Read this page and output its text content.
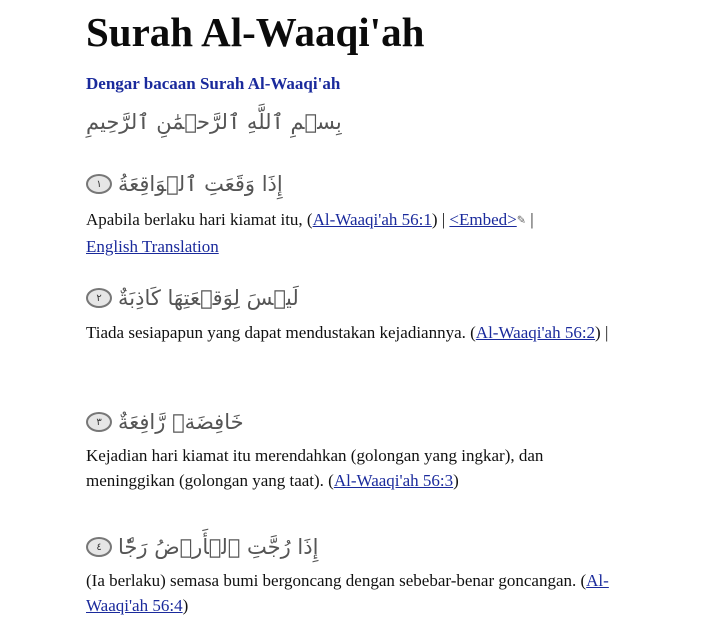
Surah Al-Waaqi'ah
Dengar bacaan Surah Al-Waaqi'ah
بِسۡمِ ٱللَّهِ ٱلرَّحۡمَٰنِ ٱلرَّحِيمِ
إِذَا وَقَعَتِ ٱلۡوَاقِعَةُ
١
Apabila berlaku hari kiamat itu, (Al-Waaqi'ah 56:1) | <Embed>✎ |
English Translation
لَيۡسَ لِوَقۡعَتِهَا كَاذِبَةٌ
٢
Tiada sesiapapun yang dapat mendustakan kejadiannya. (Al-Waaqi'ah 56:2) |
خَافِضَةٞ رَّافِعَةٌ
٣
Kejadian hari kiamat itu merendahkan (golongan yang ingkar), dan meninggikan (golongan yang taat). (Al-Waaqi'ah 56:3)
إِذَا رُجَّتِ ٱلۡأَرۡضُ رَجّٗا
٤
(Ia berlaku) semasa bumi bergoncang dengan sebebar-benar goncangan. (Al-Waaqi'ah 56:4)
